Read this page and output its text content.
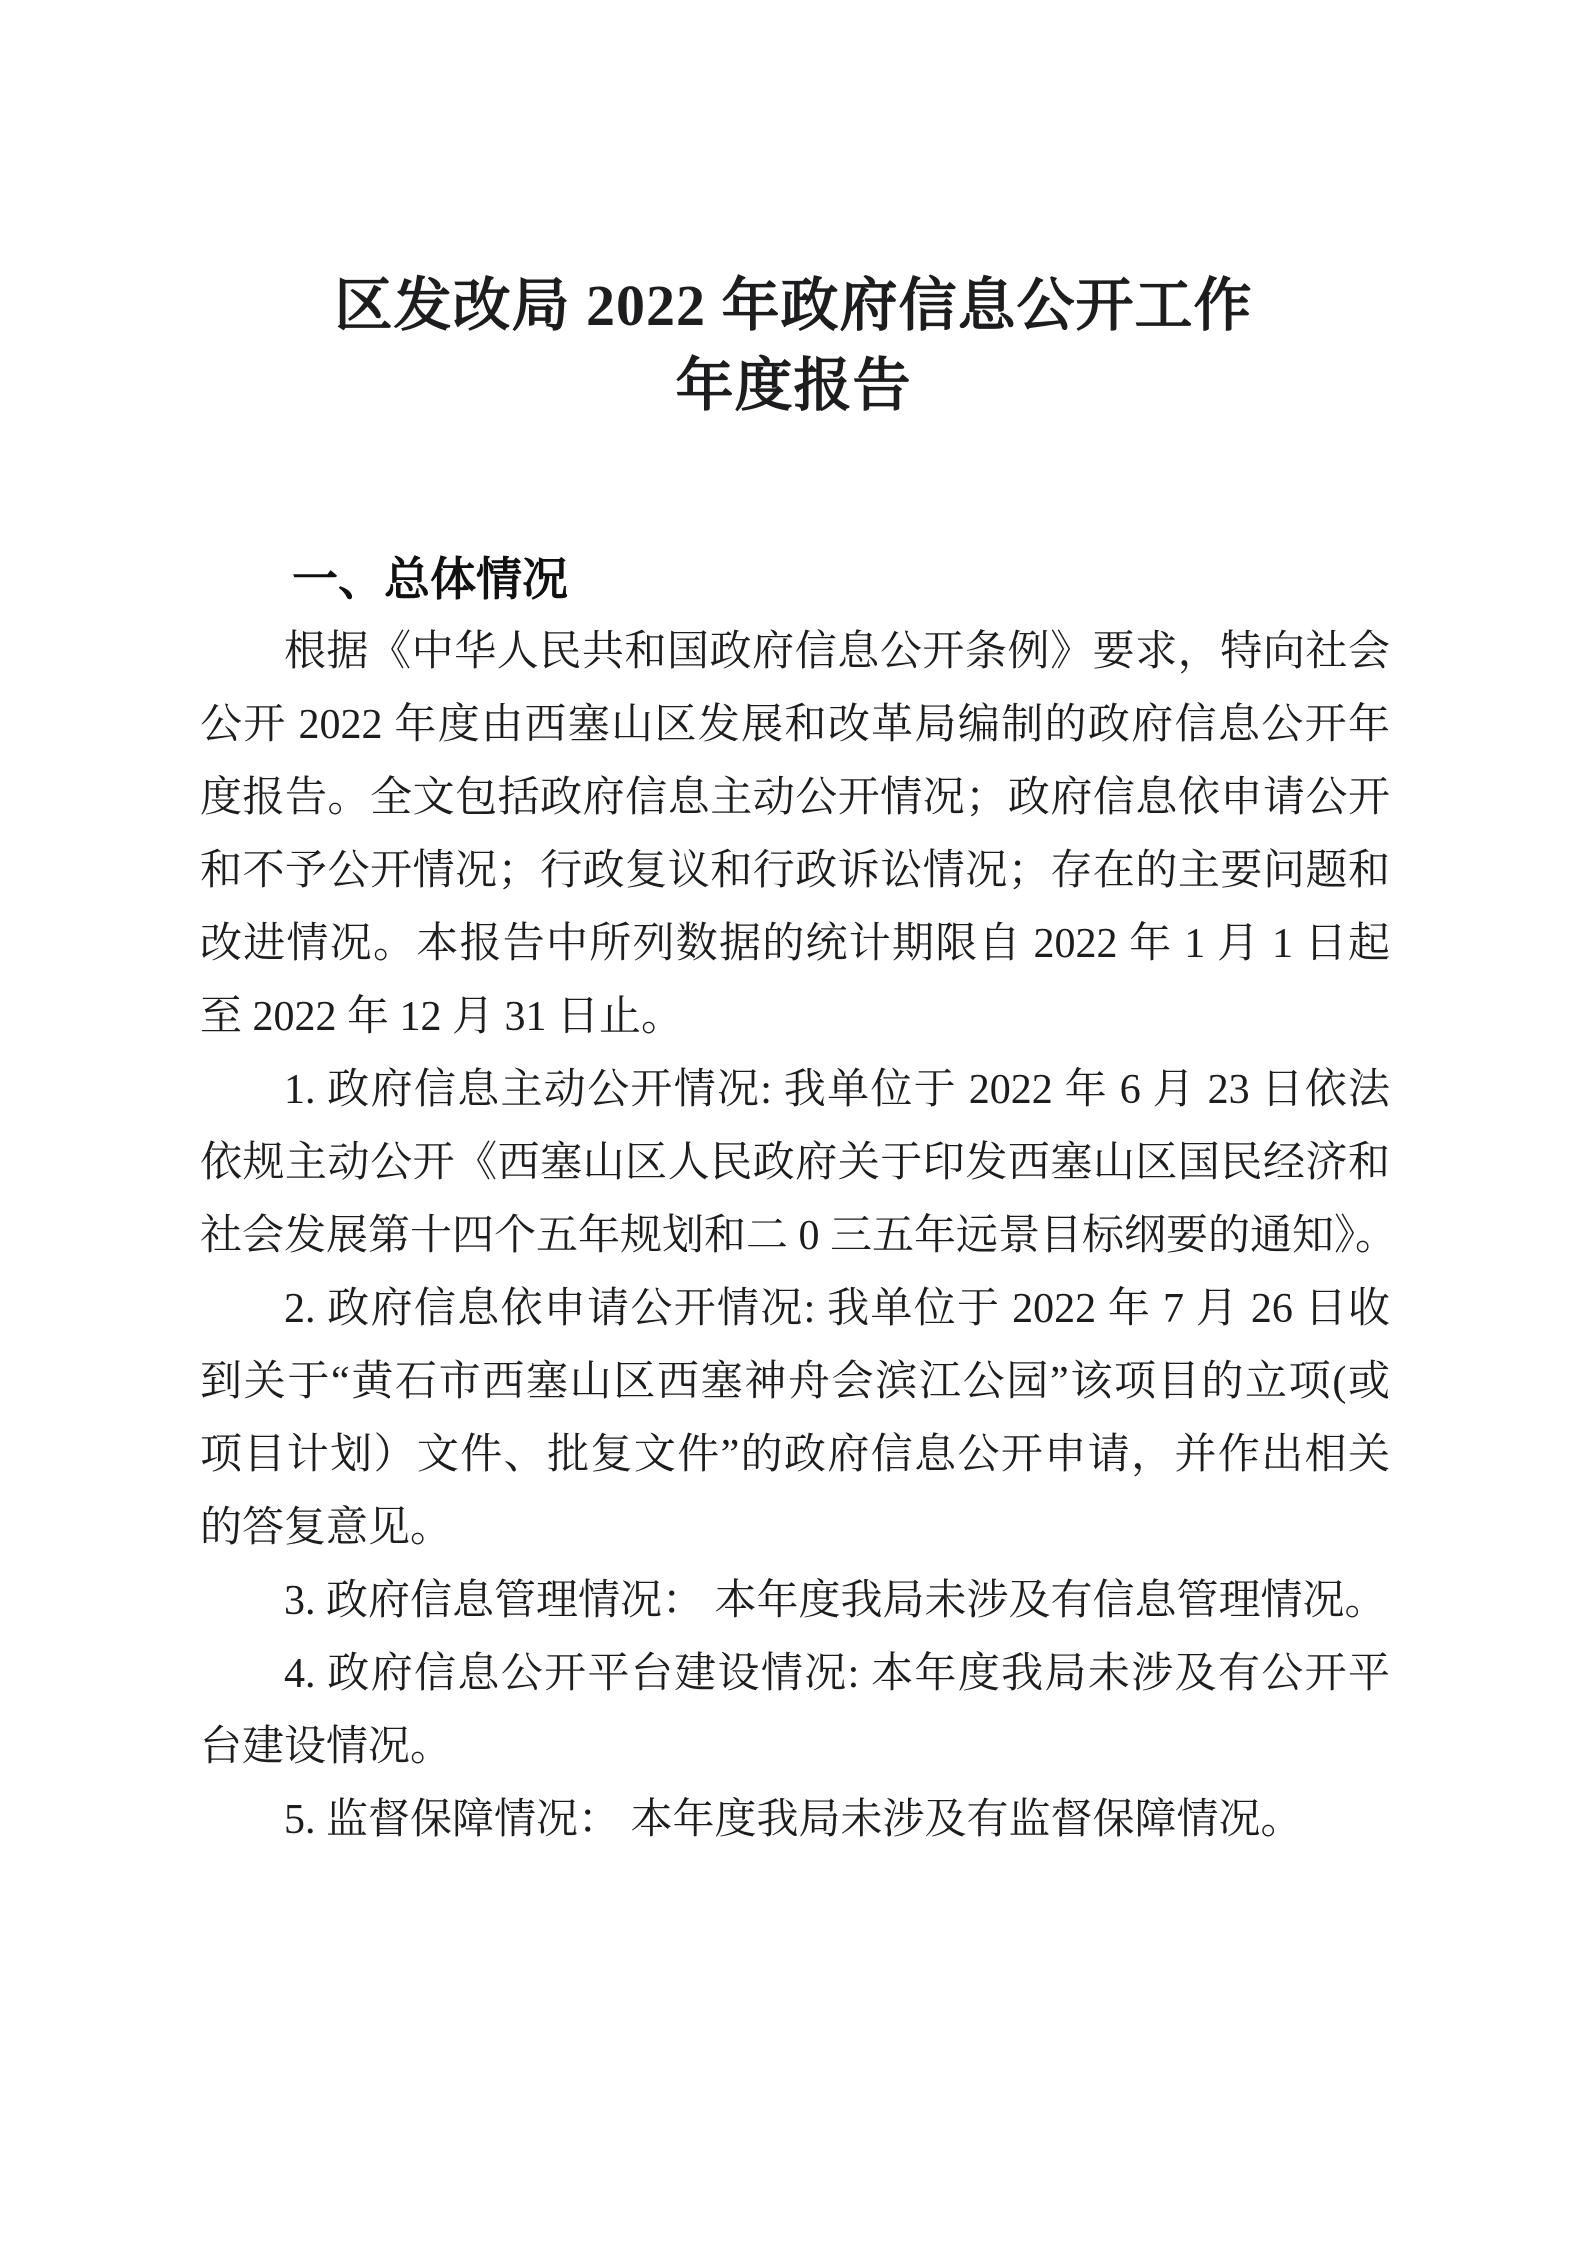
区发改局 2022 年政府信息公开工作
年度报告
一、总体情况
根据《中华人民共和国政府信息公开条例》要求，特向社会
公开 2022 年度由西塞山区发展和改革局编制的政府信息公开年
度报告。全文包括政府信息主动公开情况；政府信息依申请公开
和不予公开情况；行政复议和行政诉讼情况；存在的主要问题和
改进情况。本报告中所列数据的统计期限自 2022 年 1 月 1 日起
至 2022 年 12 月 31 日止。
1. 政府信息主动公开情况: 我单位于 2022 年 6 月 23 日依法
依规主动公开《西塞山区人民政府关于印发西塞山区国民经济和
社会发展第十四个五年规划和二 0 三五年远景目标纲要的通知》。
2. 政府信息依申请公开情况: 我单位于 2022 年 7 月 26 日收
到关于“黄石市西塞山区西塞神舟会滨江公园”该项目的立项(或
项目计划）文件、批复文件”的政府信息公开申请，并作出相关
的答复意见。
3. 政府信息管理情况： 本年度我局未涉及有信息管理情况。
4. 政府信息公开平台建设情况: 本年度我局未涉及有公开平
台建设情况。
5. 监督保障情况： 本年度我局未涉及有监督保障情况。
